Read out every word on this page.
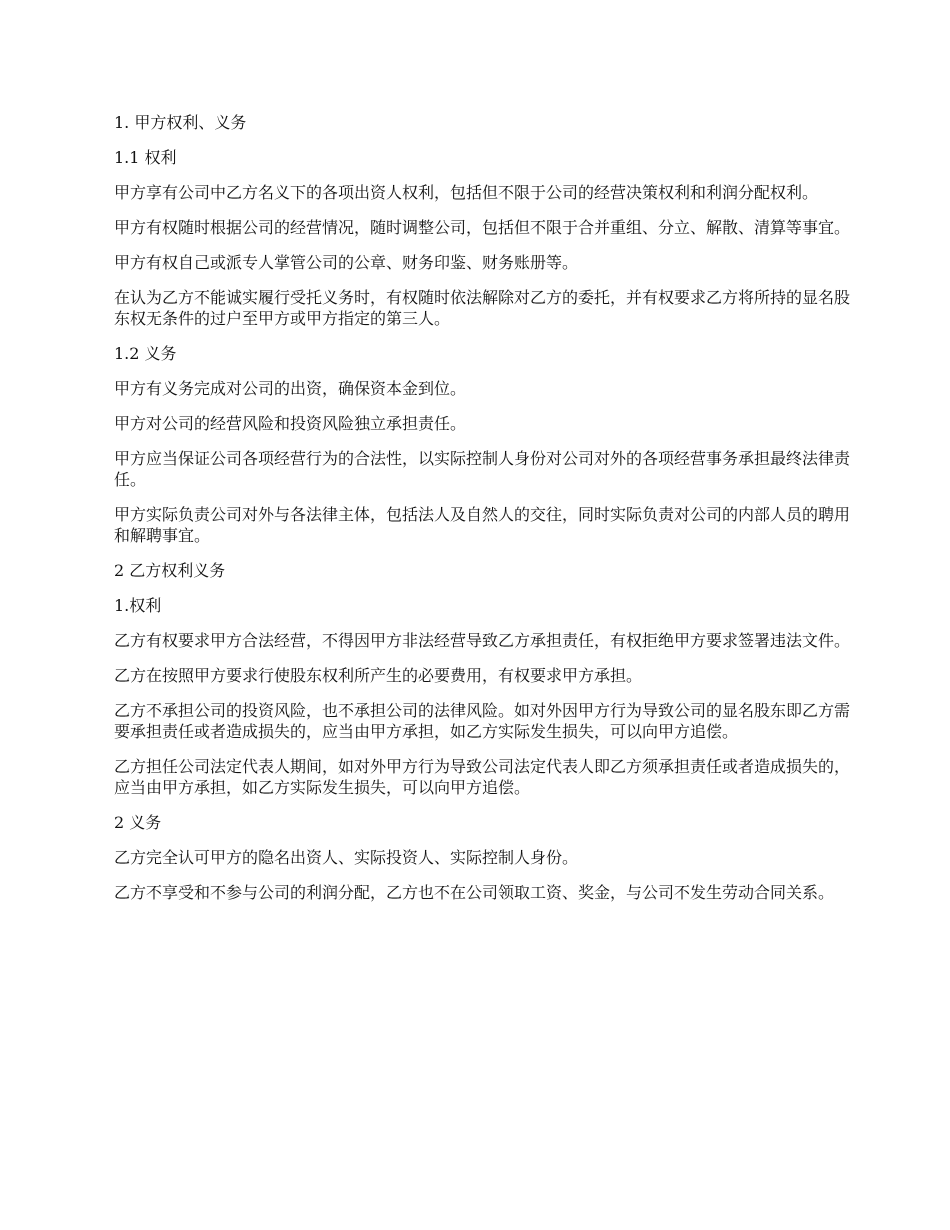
1. 甲方权利、义务

1.1 权利

甲方享有公司中乙方名义下的各项出资人权利，包括但不限于公司的经营决策权利和利润分配权利。

甲方有权随时根据公司的经营情况，随时调整公司，包括但不限于合并重组、分立、解散、清算等事宜。

甲方有权自己或派专人掌管公司的公章、财务印鉴、财务账册等。

在认为乙方不能诚实履行受托义务时，有权随时依法解除对乙方的委托，并有权要求乙方将所持的显名股东权无条件的过户至甲方或甲方指定的第三人。

1.2 义务

甲方有义务完成对公司的出资，确保资本金到位。

甲方对公司的经营风险和投资风险独立承担责任。

甲方应当保证公司各项经营行为的合法性，以实际控制人身份对公司对外的各项经营事务承担最终法律责任。

甲方实际负责公司对外与各法律主体，包括法人及自然人的交往，同时实际负责对公司的内部人员的聘用和解聘事宜。

2 乙方权利义务

1.权利

乙方有权要求甲方合法经营，不得因甲方非法经营导致乙方承担责任，有权拒绝甲方要求签署违法文件。

乙方在按照甲方要求行使股东权利所产生的必要费用，有权要求甲方承担。

乙方不承担公司的投资风险，也不承担公司的法律风险。如对外因甲方行为导致公司的显名股东即乙方需要承担责任或者造成损失的，应当由甲方承担，如乙方实际发生损失，可以向甲方追偿。

乙方担任公司法定代表人期间，如对外甲方行为导致公司法定代表人即乙方须承担责任或者造成损失的，应当由甲方承担，如乙方实际发生损失，可以向甲方追偿。

2 义务

乙方完全认可甲方的隐名出资人、实际投资人、实际控制人身份。

乙方不享受和不参与公司的利润分配，乙方也不在公司领取工资、奖金，与公司不发生劳动合同关系。
